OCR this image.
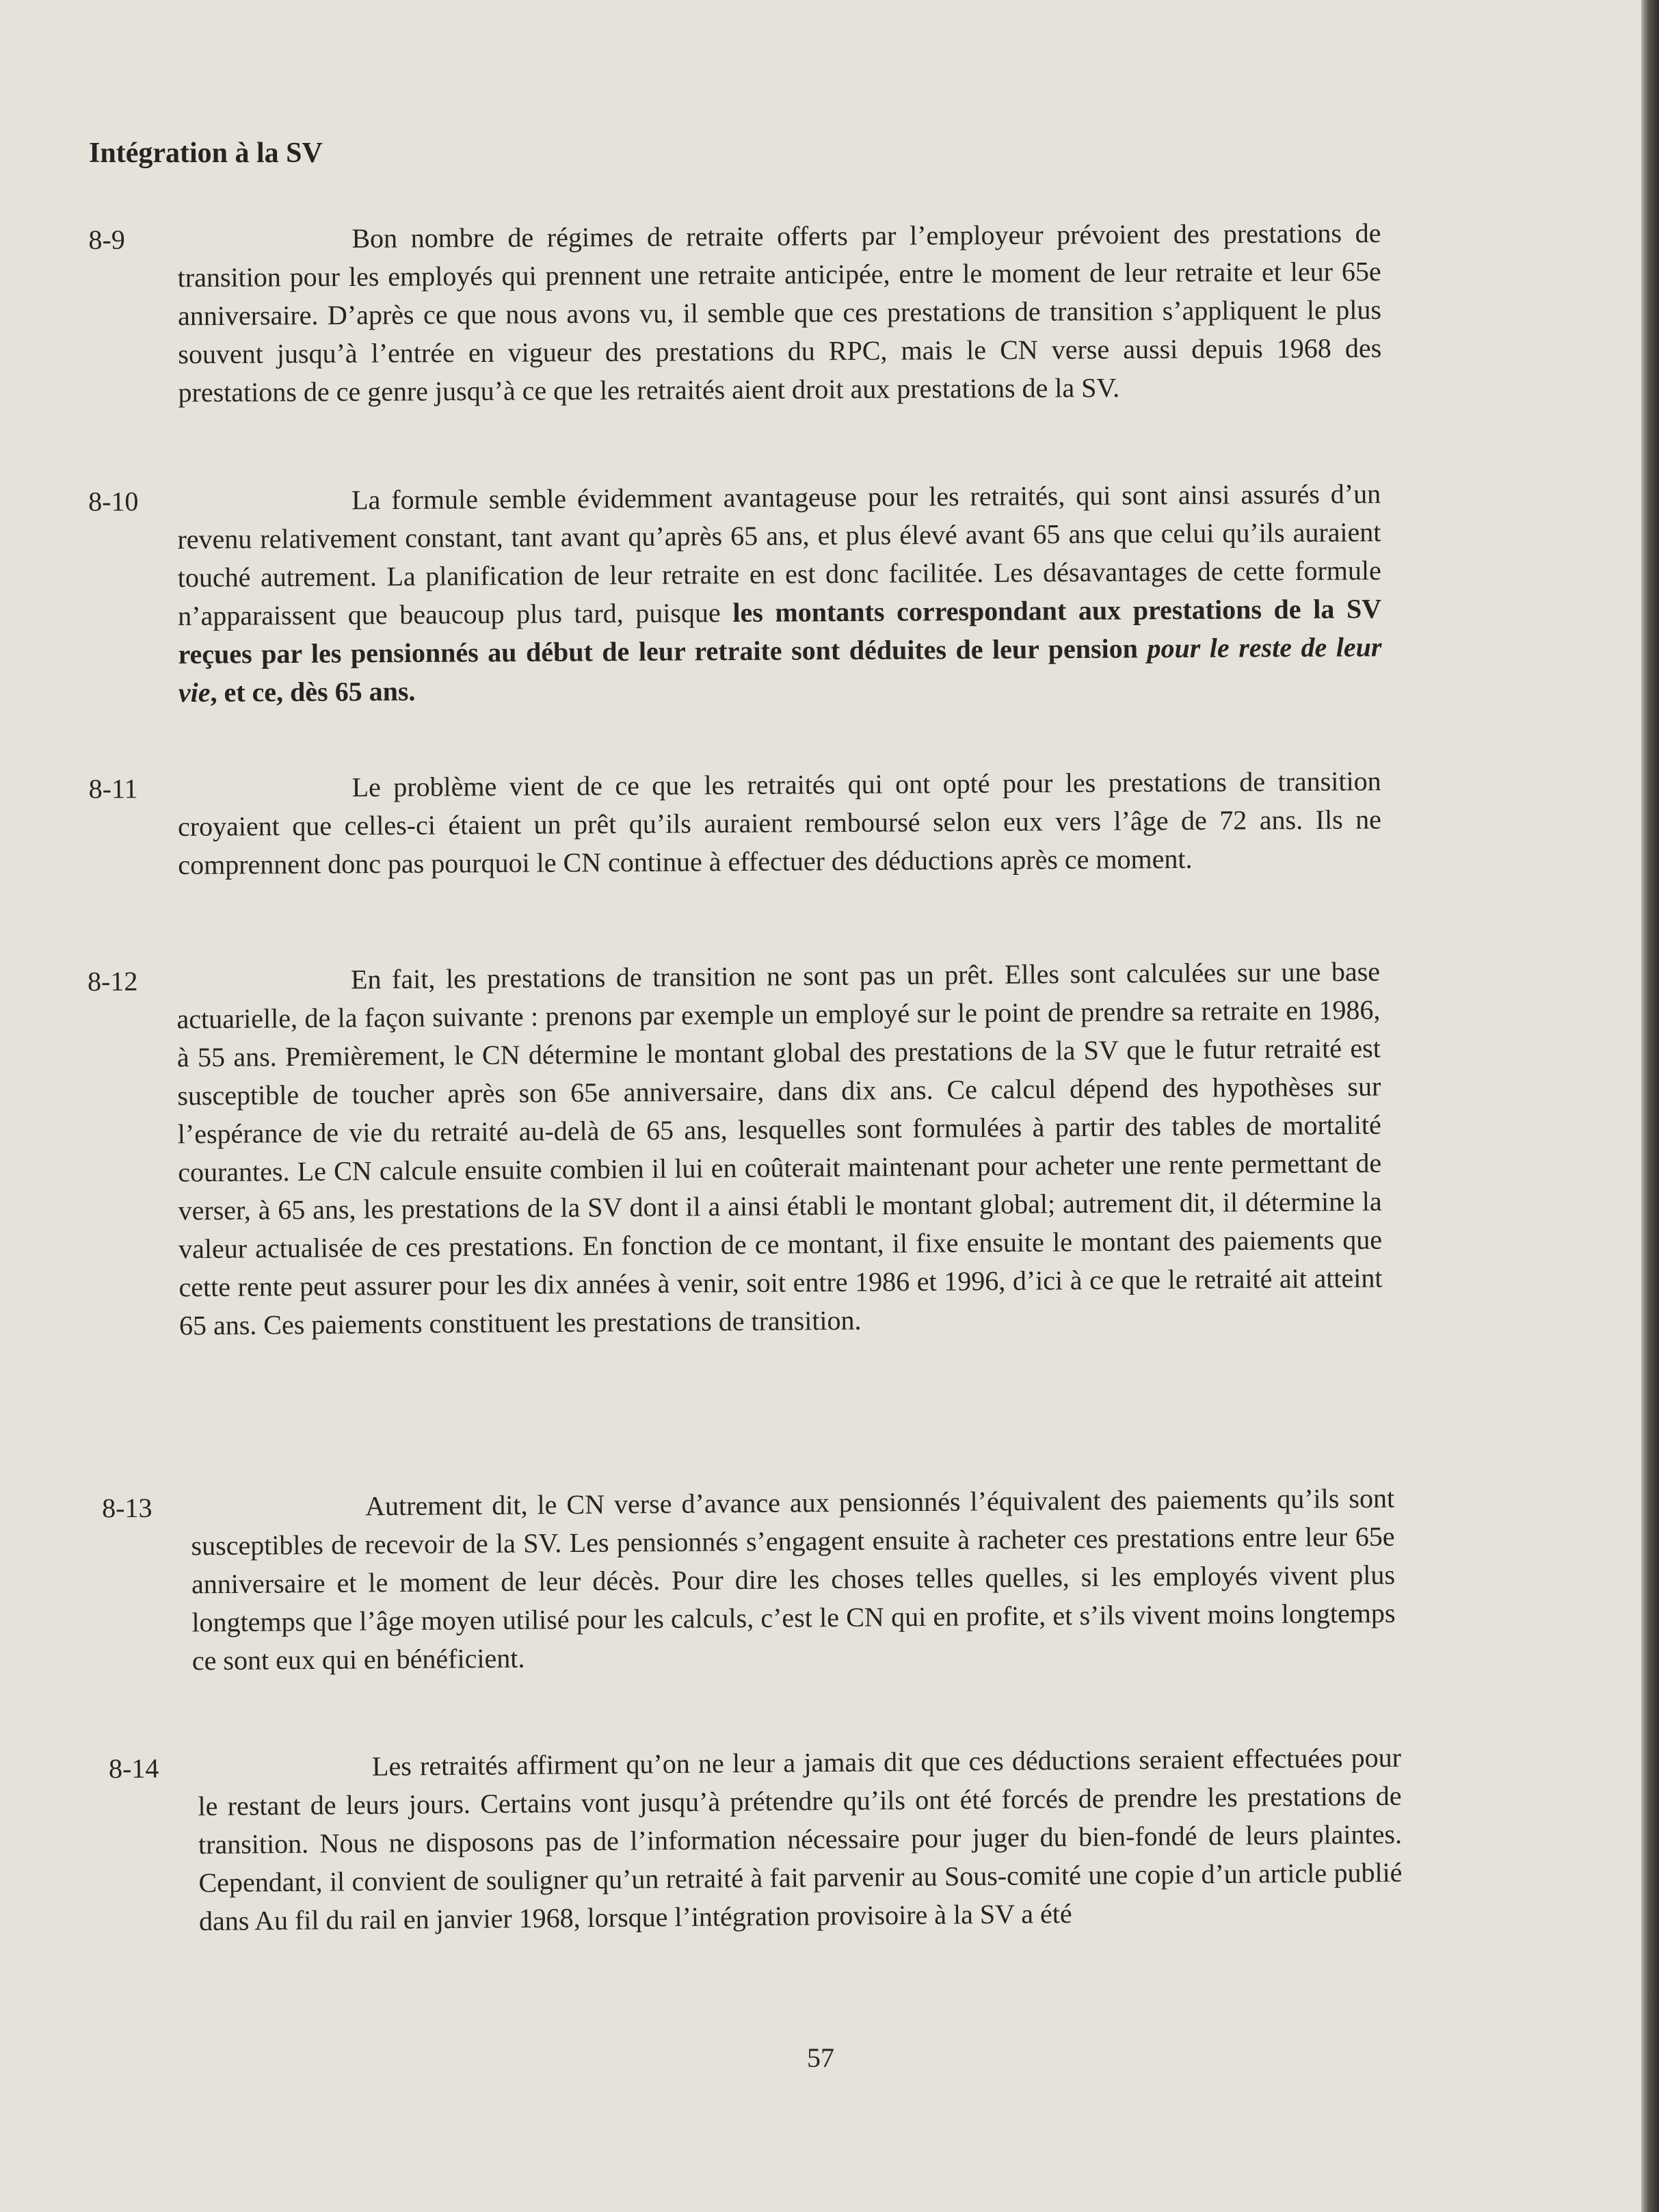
Intégration à la SV
8-9	Bon nombre de régimes de retraite offerts par l’employeur prévoient des prestations de transition pour les employés qui prennent une retraite anticipée, entre le moment de leur retraite et leur 65e anniversaire. D’après ce que nous avons vu, il semble que ces prestations de transition s’appliquent le plus souvent jusqu’à l’entrée en vigueur des prestations du RPC, mais le CN verse aussi depuis 1968 des prestations de ce genre jusqu’à ce que les retraités aient droit aux prestations de la SV.

8-10	La formule semble évidemment avantageuse pour les retraités, qui sont ainsi assurés d’un revenu relativement constant, tant avant qu’après 65 ans, et plus élevé avant 65 ans que celui qu’ils auraient touché autrement. La planification de leur retraite en est donc facilitée. Les désavantages de cette formule n’apparaissent que beaucoup plus tard, puisque les montants correspondant aux prestations de la SV reçues par les pensionnés au début de leur retraite sont déduites de leur pension pour le reste de leur vie, et ce, dès 65 ans.

8-11	Le problème vient de ce que les retraités qui ont opté pour les prestations de transition croyaient que celles-ci étaient un prêt qu’ils auraient remboursé selon eux vers l’âge de 72 ans. Ils ne comprennent donc pas pourquoi le CN continue à effectuer des déductions après ce moment.

8-12	En fait, les prestations de transition ne sont pas un prêt. Elles sont calculées sur une base actuarielle, de la façon suivante : prenons par exemple un employé sur le point de prendre sa retraite en 1986, à 55 ans. Premièrement, le CN détermine le montant global des prestations de la SV que le futur retraité est susceptible de toucher après son 65e anniversaire, dans dix ans. Ce calcul dépend des hypothèses sur l’espérance de vie du retraité au-delà de 65 ans, lesquelles sont formulées à partir des tables de mortalité courantes. Le CN calcule ensuite combien il lui en coûterait maintenant pour acheter une rente permettant de verser, à 65 ans, les prestations de la SV dont il a ainsi établi le montant global; autrement dit, il détermine la valeur actualisée de ces prestations. En fonction de ce montant, il fixe ensuite le montant des paiements que cette rente peut assurer pour les dix années à venir, soit entre 1986 et 1996, d’ici à ce que le retraité ait atteint 65 ans. Ces paiements constituent les prestations de transition.

8-13	Autrement dit, le CN verse d’avance aux pensionnés l’équivalent des paiements qu’ils sont susceptibles de recevoir de la SV. Les pensionnés s’engagent ensuite à racheter ces prestations entre leur 65e anniversaire et le moment de leur décès. Pour dire les choses telles quelles, si les employés vivent plus longtemps que l’âge moyen utilisé pour les calculs, c’est le CN qui en profite, et s’ils vivent moins longtemps ce sont eux qui en bénéficient.

8-14	Les retraités affirment qu’on ne leur a jamais dit que ces déductions seraient effectuées pour le restant de leurs jours. Certains vont jusqu’à prétendre qu’ils ont été forcés de prendre les prestations de transition. Nous ne disposons pas de l’information nécessaire pour juger du bien-fondé de leurs plaintes. Cependant, il convient de souligner qu’un retraité à fait parvenir au Sous-comité une copie d’un article publié dans Au fil du rail en janvier 1968, lorsque l’intégration provisoire à la SV a été

57
